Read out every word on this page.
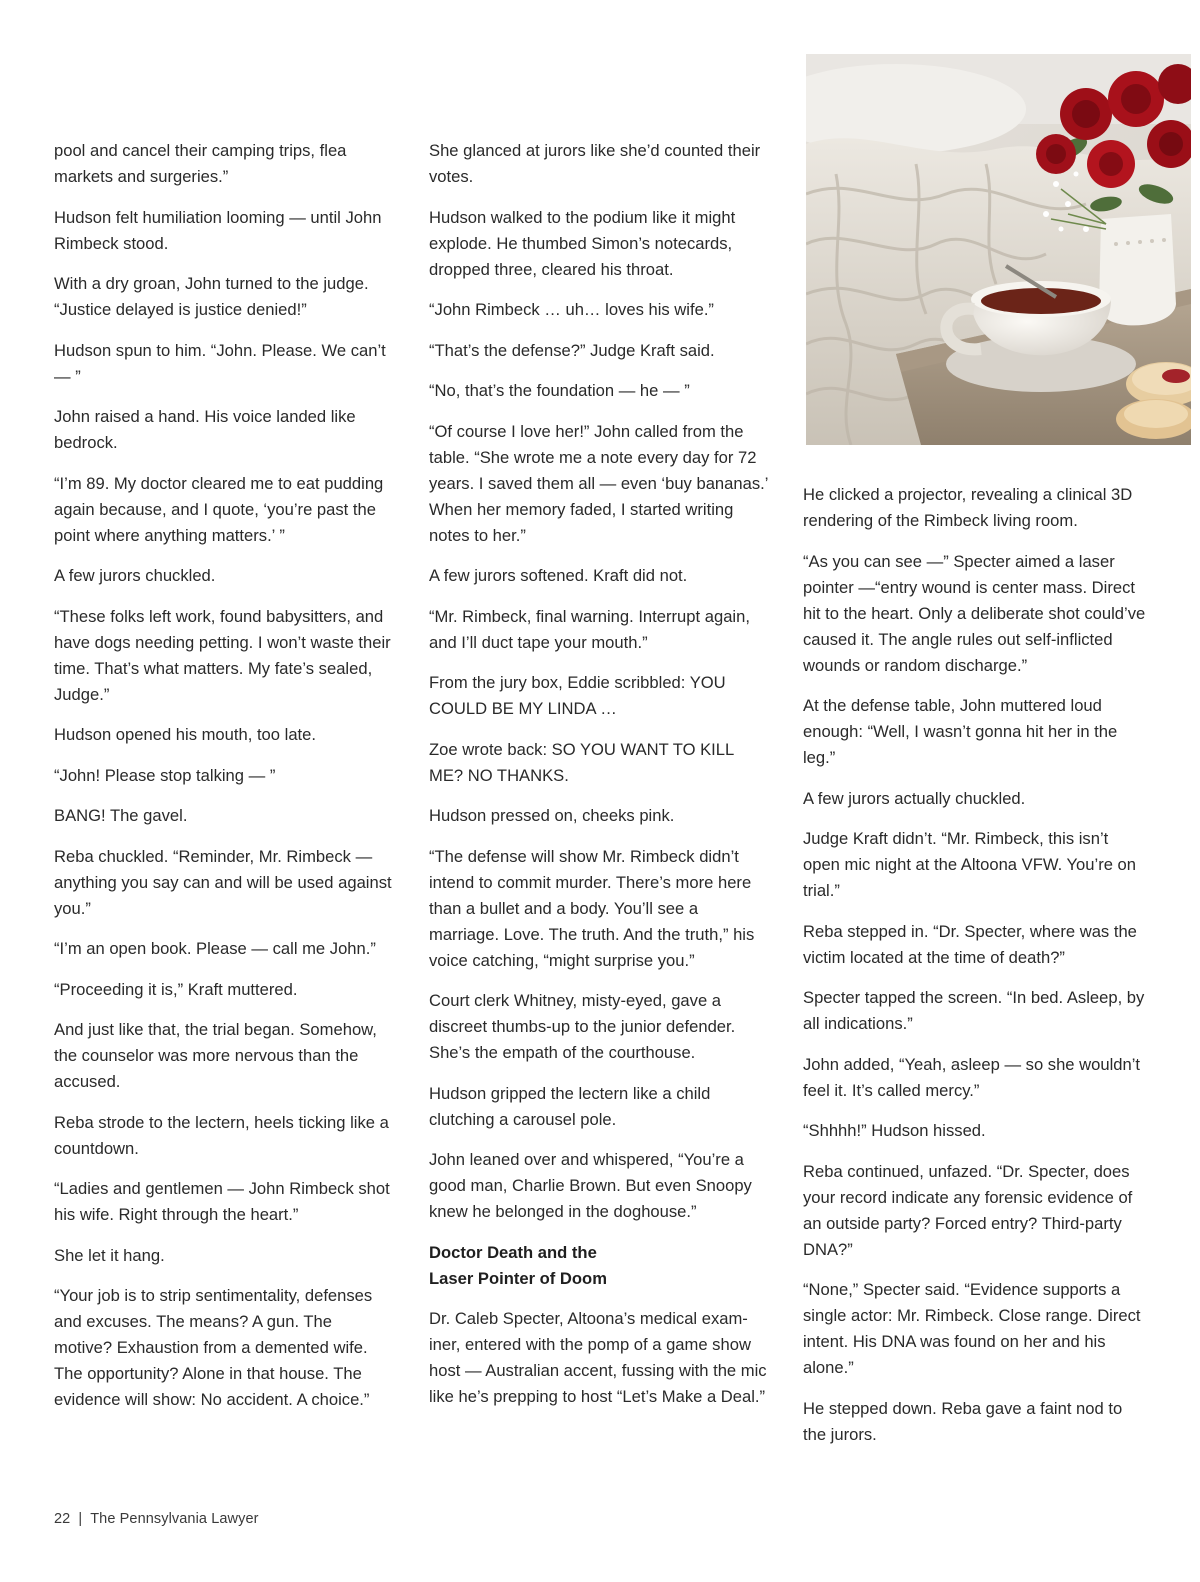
pool and cancel their camping trips, flea markets and surgeries.”

Hudson felt humiliation looming — until John Rimbeck stood.

With a dry groan, John turned to the judge. “Justice delayed is justice denied!”

Hudson spun to him. “John. Please. We can’t — ”

John raised a hand. His voice landed like bedrock.

“I’m 89. My doctor cleared me to eat pudding again because, and I quote, ‘you’re past the point where anything matters.’ ”

A few jurors chuckled.

“These folks left work, found babysitters, and have dogs needing petting. I won’t waste their time. That’s what matters. My fate’s sealed, Judge.”

Hudson opened his mouth, too late.

“John! Please stop talking — ”

BANG! The gavel.

Reba chuckled. “Reminder, Mr. Rimbeck — anything you say can and will be used against you.”

“I’m an open book. Please — call me John.”

“Proceeding it is,” Kraft muttered.

And just like that, the trial began. Somehow, the counselor was more nervous than the accused.

Reba strode to the lectern, heels ticking like a countdown.

“Ladies and gentlemen — John Rimbeck shot his wife. Right through the heart.”

She let it hang.

“Your job is to strip sentimentality, defenses and excuses. The means? A gun. The motive? Exhaustion from a demented wife. The opportunity? Alone in that house. The evidence will show: No accident. A choice.”

She glanced at jurors like she’d counted their votes.

Hudson walked to the podium like it might explode. He thumbed Simon’s notecards, dropped three, cleared his throat.

“John Rimbeck … uh… loves his wife.”

“That’s the defense?” Judge Kraft said.

“No, that’s the foundation — he — ”

“Of course I love her!” John called from the table. “She wrote me a note every day for 72 years. I saved them all — even ‘buy bananas.’ When her memory faded, I started writing notes to her.”

A few jurors softened. Kraft did not.

“Mr. Rimbeck, final warning. Interrupt again, and I’ll duct tape your mouth.”

From the jury box, Eddie scribbled: YOU COULD BE MY LINDA …

Zoe wrote back: SO YOU WANT TO KILL ME? NO THANKS.

Hudson pressed on, cheeks pink.

“The defense will show Mr. Rimbeck didn’t intend to commit murder. There’s more here than a bullet and a body. You’ll see a marriage. Love. The truth. And the truth,” his voice catching, “might surprise you.”

Court clerk Whitney, misty-eyed, gave a discreet thumbs-up to the junior defender. She’s the empath of the courthouse.

Hudson gripped the lectern like a child clutching a carousel pole.

John leaned over and whispered, “You’re a good man, Charlie Brown. But even Snoopy knew he belonged in the doghouse.”

Doctor Death and the
Laser Pointer of Doom

Dr. Caleb Specter, Altoona’s medical examiner, entered with the pomp of a game show host — Australian accent, fussing with the mic like he’s prepping to host “Let’s Make a Deal.”

He clicked a projector, revealing a clinical 3D rendering of the Rimbeck living room.

“As you can see —” Specter aimed a laser pointer —“entry wound is center mass. Direct hit to the heart. Only a deliberate shot could’ve caused it. The angle rules out self-inflicted wounds or random discharge.”

At the defense table, John muttered loud enough: “Well, I wasn’t gonna hit her in the leg.”

A few jurors actually chuckled.

Judge Kraft didn’t. “Mr. Rimbeck, this isn’t open mic night at the Altoona VFW. You’re on trial.”

Reba stepped in. “Dr. Specter, where was the victim located at the time of death?”

Specter tapped the screen. “In bed. Asleep, by all indications.”

John added, “Yeah, asleep — so she wouldn’t feel it. It’s called mercy.”

“Shhhh!” Hudson hissed.

Reba continued, unfazed. “Dr. Specter, does your record indicate any forensic evidence of an outside party? Forced entry? Third-party DNA?”

“None,” Specter said. “Evidence supports a single actor: Mr. Rimbeck. Close range. Direct intent. His DNA was found on her and his alone.”

He stepped down. Reba gave a faint nod to the jurors.

22 | The Pennsylvania Lawyer
